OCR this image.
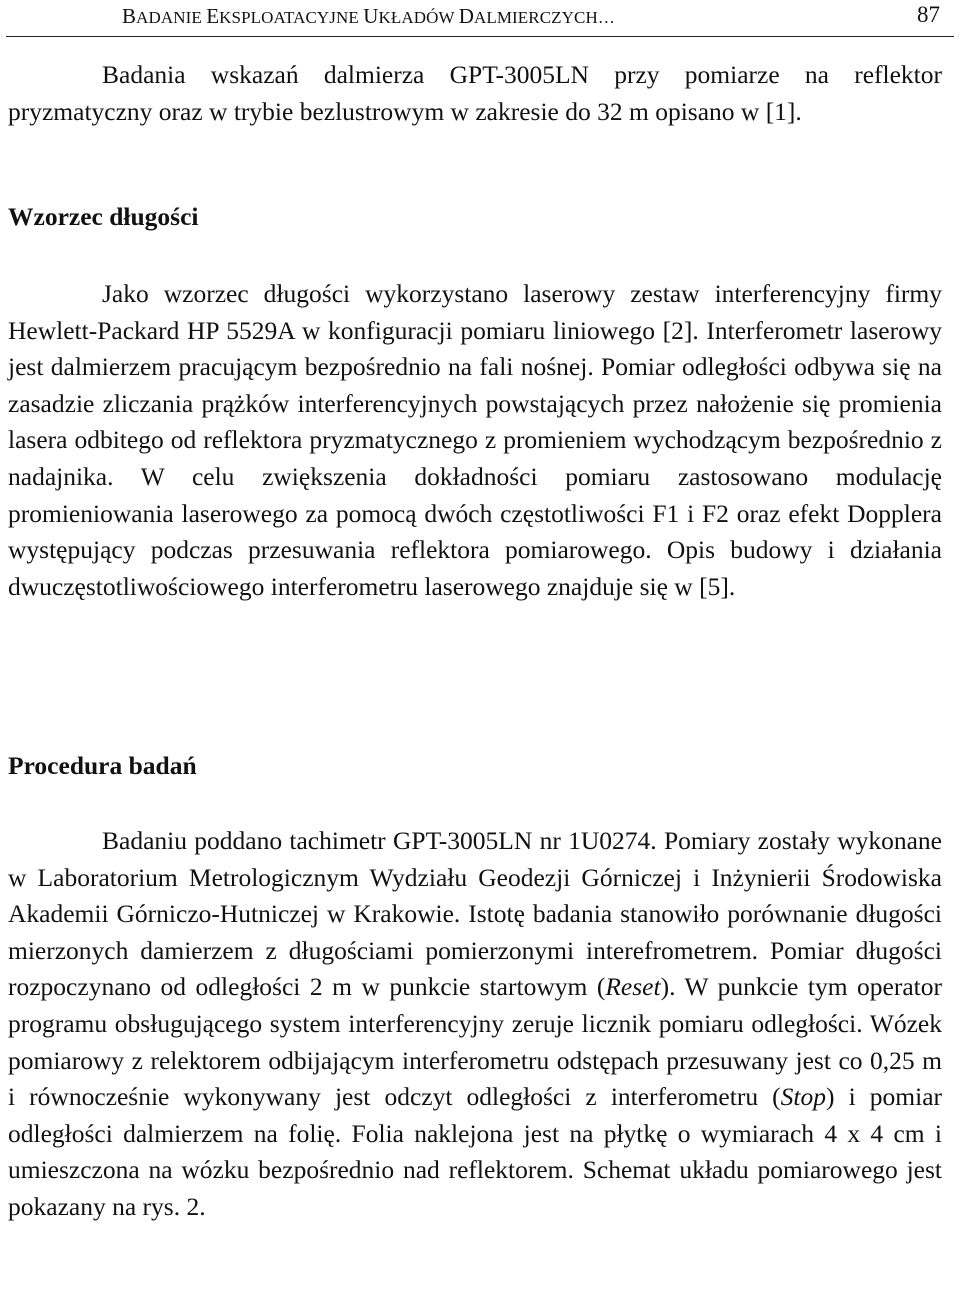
BADANIE EKSPLOATACYJNE UKŁADÓW DALMIERCZYCH…	87

Badania wskazań dalmierza GPT-3005LN przy pomiarze na reflektor pryzmatyczny oraz w trybie bezlustrowym w zakresie do 32 m opisano w [1].

Wzorzec długości

Jako wzorzec długości wykorzystano laserowy zestaw interferencyjny firmy Hewlett-Packard HP 5529A w konfiguracji pomiaru liniowego [2]. Interferometr laserowy jest dalmierzem pracującym bezpośrednio na fali nośnej. Pomiar odległości odbywa się na zasadzie zliczania prążków interferencyjnych powstających przez nałożenie się promienia lasera odbitego od reflektora pryzmatycznego z promieniem wychodzącym bezpośrednio z nadajnika. W celu zwiększenia dokładności pomiaru zastosowano modulację promieniowania laserowego za pomocą dwóch częstotliwości F1 i F2 oraz efekt Dopplera występujący podczas przesuwania reflektora pomiarowego. Opis budowy i działania dwuczęstotliwościowego interferometru laserowego znajduje się w [5].

Procedura badań

Badaniu poddano tachimetr GPT-3005LN nr 1U0274. Pomiary zostały wykonane w Laboratorium Metrologicznym Wydziału Geodezji Górniczej i Inżynierii Środowiska Akademii Górniczo-Hutniczej w Krakowie. Istotę badania stanowiło porównanie długości mierzonych damierzem z długościami pomierzonymi interefrometrem. Pomiar długości rozpoczynano od odległości 2 m w punkcie startowym (Reset). W punkcie tym operator programu obsługującego system interferencyjny zeruje licznik pomiaru odległości. Wózek pomiarowy z relektorem odbijającym interferometru odstępach przesuwany jest co 0,25 m i równocześnie wykonywany jest odczyt odległości z interferometru (Stop) i pomiar odległości dalmierzem na folię. Folia naklejona jest na płytkę o wymiarach 4 x 4 cm i umieszczona na wózku bezpośrednio nad reflektorem. Schemat układu pomiarowego jest pokazany na rys. 2.
